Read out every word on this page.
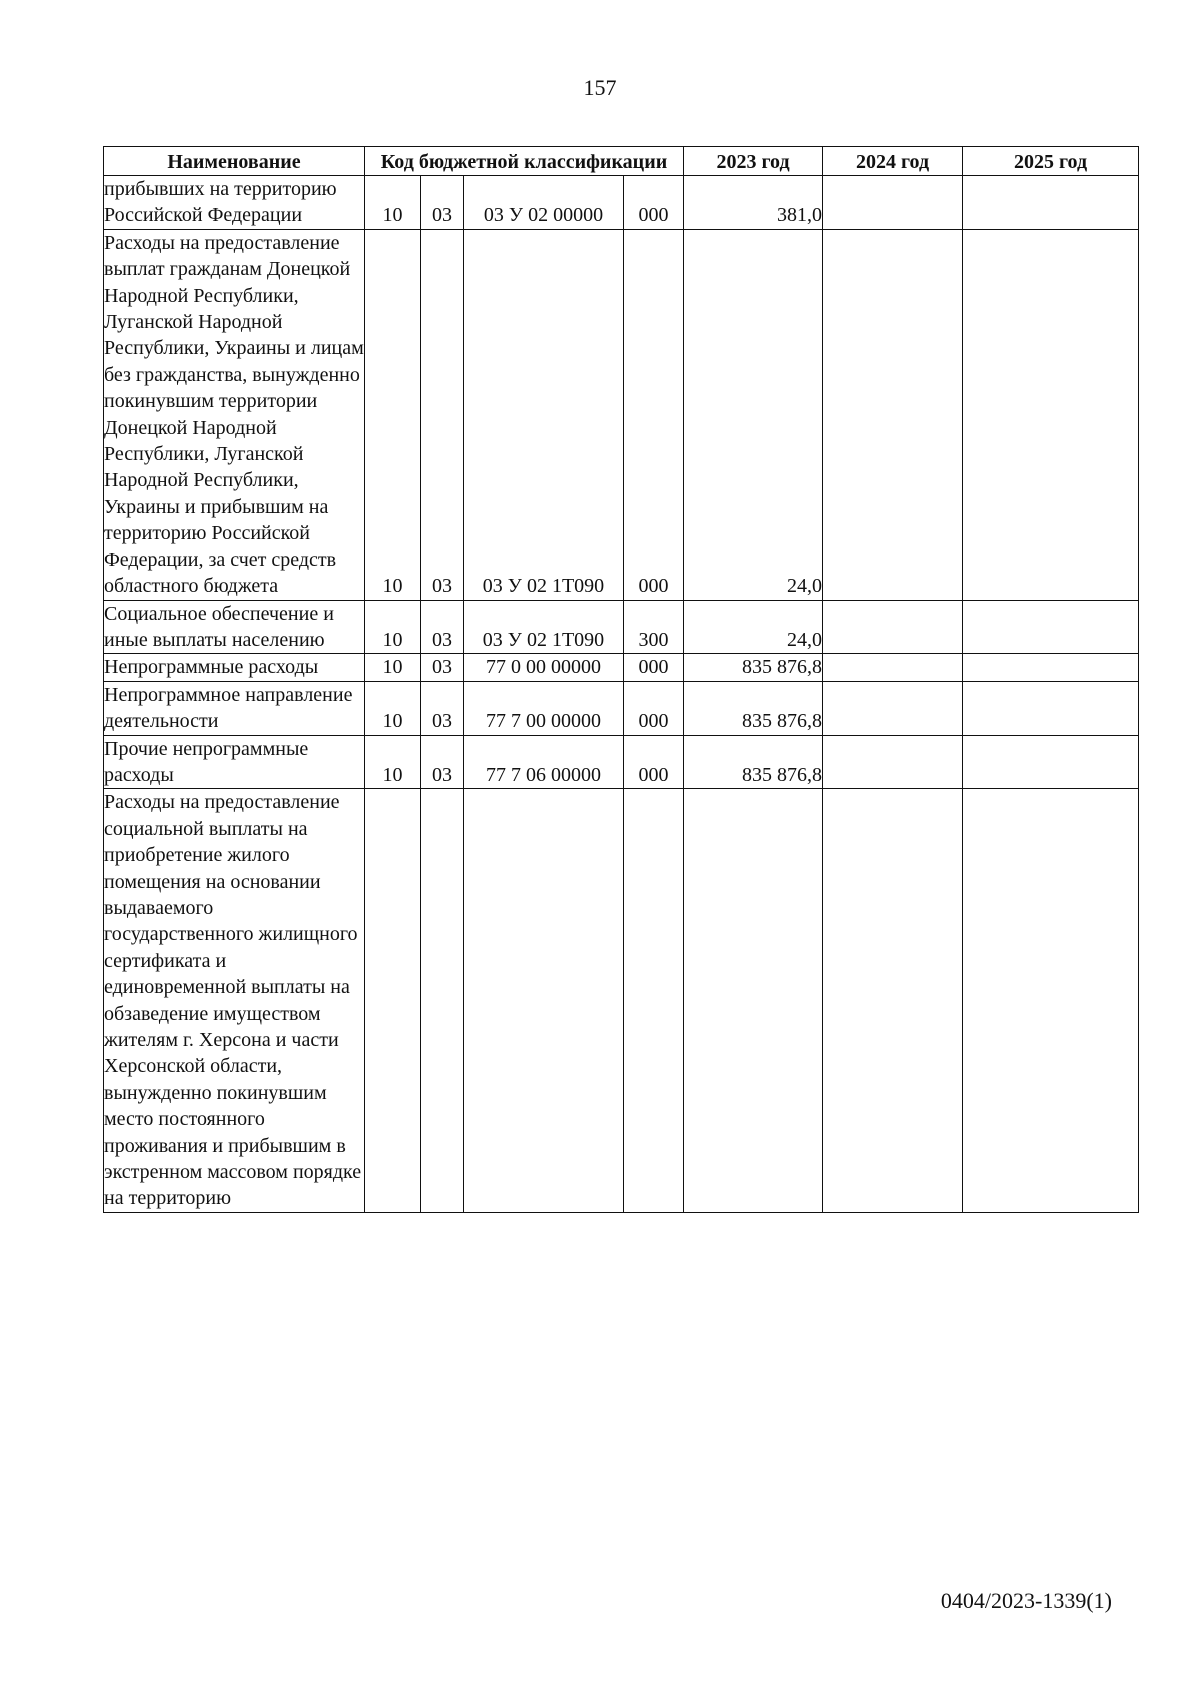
157
Наименование	Код бюджетной классификации				2023 год	2024 год	2025 год
прибывших на территорию Российской Федерации	10	03	03 У 02 00000	000	381,0		
Расходы на предоставление выплат гражданам Донецкой Народной Республики, Луганской Народной Республики, Украины и лицам без гражданства, вынужденно покинувшим территории Донецкой Народной Республики, Луганской Народной Республики, Украины и прибывшим на территорию Российской Федерации, за счет средств областного бюджета	10	03	03 У 02 1Т090	000	24,0		
Социальное обеспечение и иные выплаты населению	10	03	03 У 02 1Т090	300	24,0		
Непрограммные расходы	10	03	77 0 00 00000	000	835 876,8		
Непрограммное направление деятельности	10	03	77 7 00 00000	000	835 876,8		
Прочие непрограммные расходы	10	03	77 7 06 00000	000	835 876,8		
Расходы на предоставление социальной выплаты на приобретение жилого помещения на основании выдаваемого государственного жилищного сертификата и единовременной выплаты на обзаведение имуществом жителям г. Херсона и части Херсонской области, вынужденно покинувшим место постоянного проживания и прибывшим в экстренном массовом порядке на территорию							
0404/2023-1339(1)
